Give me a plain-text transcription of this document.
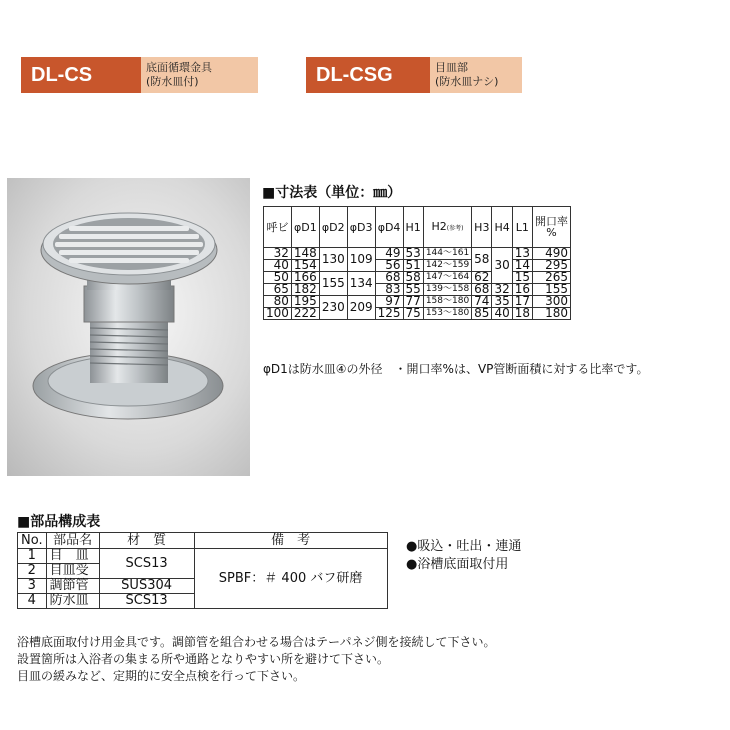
DL-CS	底面循環金具
(防水皿付)	DL-CSG	目皿部
(防水皿ナシ)
■寸法表（単位：㎜）
呼ビ	φD1	φD2	φD3	φD4	H1	H2(参考)	H3	H4	L1	開口率
%

32	148	130	109	49	53	144～161	58	30	13	490
40	154			56	51	142～159			14	295
50	166	155	134	68	58	147～164	62		15	265
65	182			83	55	139～158	68	32	16	155
80	195	230	209	97	77	158～180	74	35	17	300
100	222			125	75	153～180	85	40	18	180
φD1は防水皿④の外径　・開口率%は、VP管断面積に対する比率です。
■部品構成表
No.	部品名	材　質	備　考
1	目　皿	SCS13	SPBF：＃ 400 バフ研磨
2	目皿受		
3	調節管	SUS304	
4	防水皿	SCS13	
●吸込・吐出・連通
●浴槽底面取付用
浴槽底面取付け用金具です。調節管を組合わせる場合はテーパネジ側を接続して下さい。
設置箇所は入浴者の集まる所や通路となりやすい所を避けて下さい。
目皿の緩みなど、定期的に安全点検を行って下さい。
